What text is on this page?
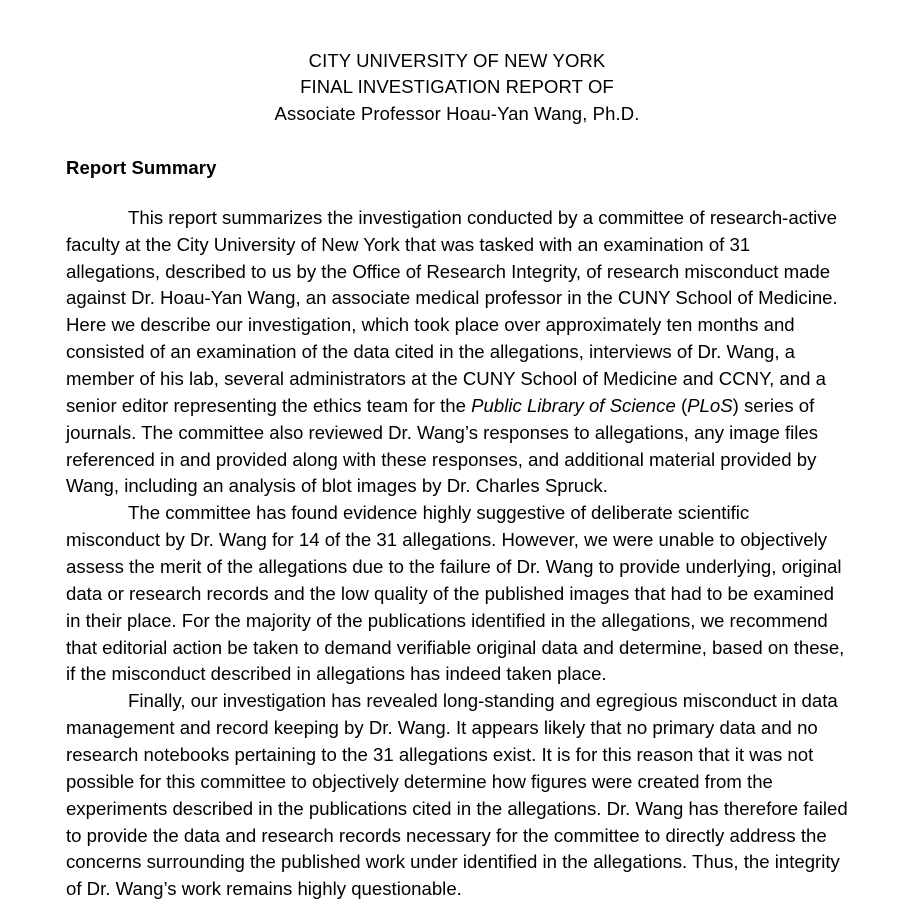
CITY UNIVERSITY OF NEW YORK
FINAL INVESTIGATION REPORT OF
Associate Professor Hoau-Yan Wang, Ph.D.
Report Summary

This report summarizes the investigation conducted by a committee of research-active faculty at the City University of New York that was tasked with an examination of 31 allegations, described to us by the Office of Research Integrity, of research misconduct made against Dr. Hoau-Yan Wang, an associate medical professor in the CUNY School of Medicine. Here we describe our investigation, which took place over approximately ten months and consisted of an examination of the data cited in the allegations, interviews of Dr. Wang, a member of his lab, several administrators at the CUNY School of Medicine and CCNY, and a senior editor representing the ethics team for the Public Library of Science (PLoS) series of journals. The committee also reviewed Dr. Wang’s responses to allegations, any image files referenced in and provided along with these responses, and additional material provided by Wang, including an analysis of blot images by Dr. Charles Spruck.

The committee has found evidence highly suggestive of deliberate scientific misconduct by Dr. Wang for 14 of the 31 allegations. However, we were unable to objectively assess the merit of the allegations due to the failure of Dr. Wang to provide underlying, original data or research records and the low quality of the published images that had to be examined in their place. For the majority of the publications identified in the allegations, we recommend that editorial action be taken to demand verifiable original data and determine, based on these, if the misconduct described in allegations has indeed taken place.

Finally, our investigation has revealed long-standing and egregious misconduct in data management and record keeping by Dr. Wang. It appears likely that no primary data and no research notebooks pertaining to the 31 allegations exist. It is for this reason that it was not possible for this committee to objectively determine how figures were created from the experiments described in the publications cited in the allegations. Dr. Wang has therefore failed to provide the data and research records necessary for the committee to directly address the concerns surrounding the published work under identified in the allegations. Thus, the integrity of Dr. Wang’s work remains highly questionable.
